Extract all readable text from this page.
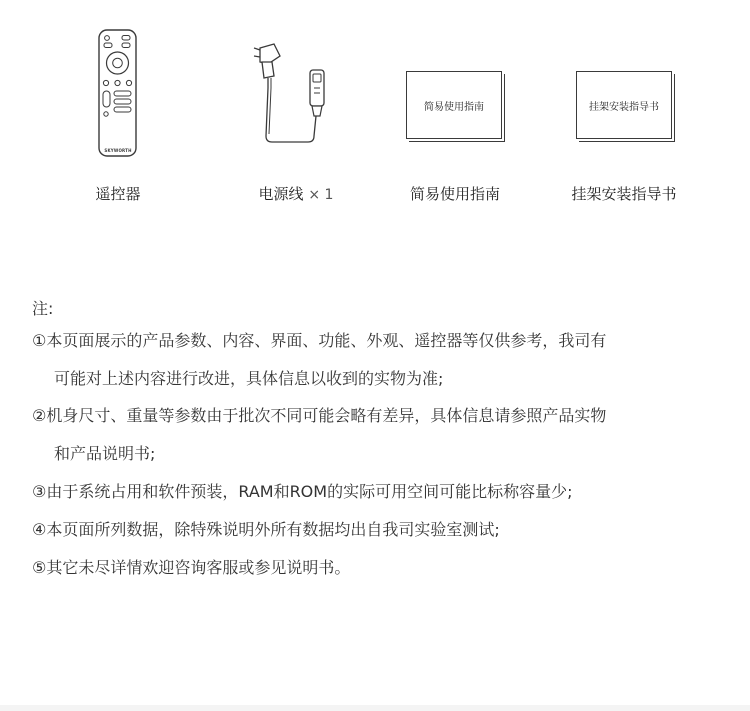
SKYWORTH
遥控器	电源线 × 1
简易使用指南
简易使用指南
挂架安装指导书
挂架安装指导书
注:
①本页面展示的产品参数、内容、界面、功能、外观、遥控器等仅供参考，我司有
可能对上述内容进行改进，具体信息以收到的实物为准;
②机身尺寸、重量等参数由于批次不同可能会略有差异，具体信息请参照产品实物
和产品说明书;
③由于系统占用和软件预装，RAM和ROM的实际可用空间可能比标称容量少;
④本页面所列数据，除特殊说明外所有数据均出自我司实验室测试;
⑤其它未尽详情欢迎咨询客服或参见说明书。
